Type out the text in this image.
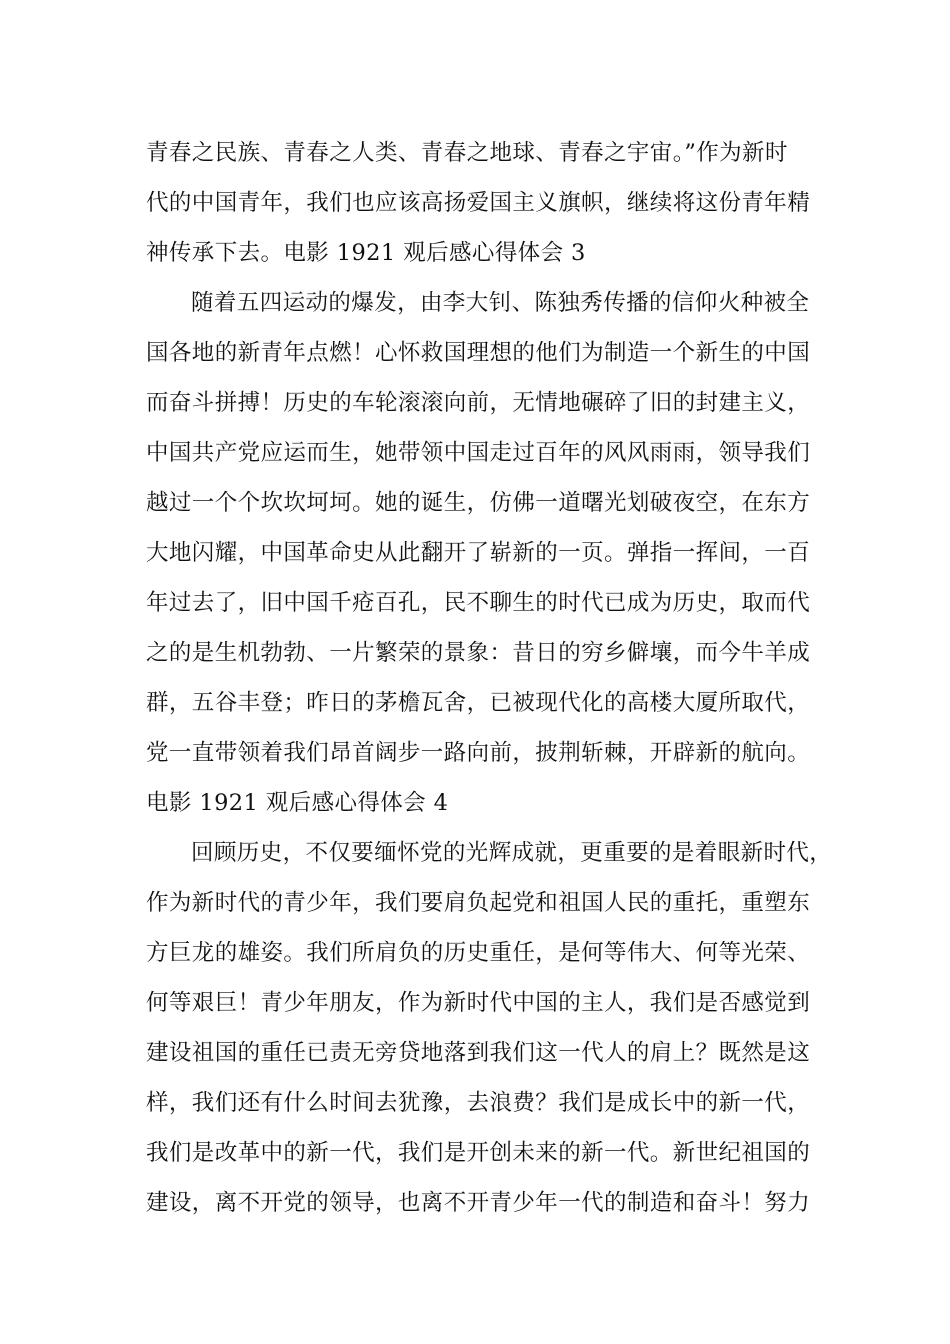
青春之民族、青春之人类、青春之地球、青春之宇宙。”作为新时
代的中国青年，我们也应该高扬爱国主义旗帜，继续将这份青年精
神传承下去。电影 1921 观后感心得体会 3
随着五四运动的爆发，由李大钊、陈独秀传播的信仰火种被全
国各地的新青年点燃！心怀救国理想的他们为制造一个新生的中国
而奋斗拼搏！历史的车轮滚滚向前，无情地碾碎了旧的封建主义，
中国共产党应运而生，她带领中国走过百年的风风雨雨，领导我们
越过一个个坎坎坷坷。她的诞生，仿佛一道曙光划破夜空，在东方
大地闪耀，中国革命史从此翻开了崭新的一页。弹指一挥间，一百
年过去了，旧中国千疮百孔，民不聊生的时代已成为历史，取而代
之的是生机勃勃、一片繁荣的景象：昔日的穷乡僻壤，而今牛羊成
群，五谷丰登；昨日的茅檐瓦舍，已被现代化的高楼大厦所取代，
党一直带领着我们昂首阔步一路向前，披荆斩棘，开辟新的航向。
电影 1921 观后感心得体会 4
回顾历史，不仅要缅怀党的光辉成就，更重要的是着眼新时代，
作为新时代的青少年，我们要肩负起党和祖国人民的重托，重塑东
方巨龙的雄姿。我们所肩负的历史重任，是何等伟大、何等光荣、
何等艰巨！青少年朋友，作为新时代中国的主人，我们是否感觉到
建设祖国的重任已责无旁贷地落到我们这一代人的肩上？既然是这
样，我们还有什么时间去犹豫，去浪费？我们是成长中的新一代，
我们是改革中的新一代，我们是开创未来的新一代。新世纪祖国的
建设，离不开党的领导，也离不开青少年一代的制造和奋斗！努力
